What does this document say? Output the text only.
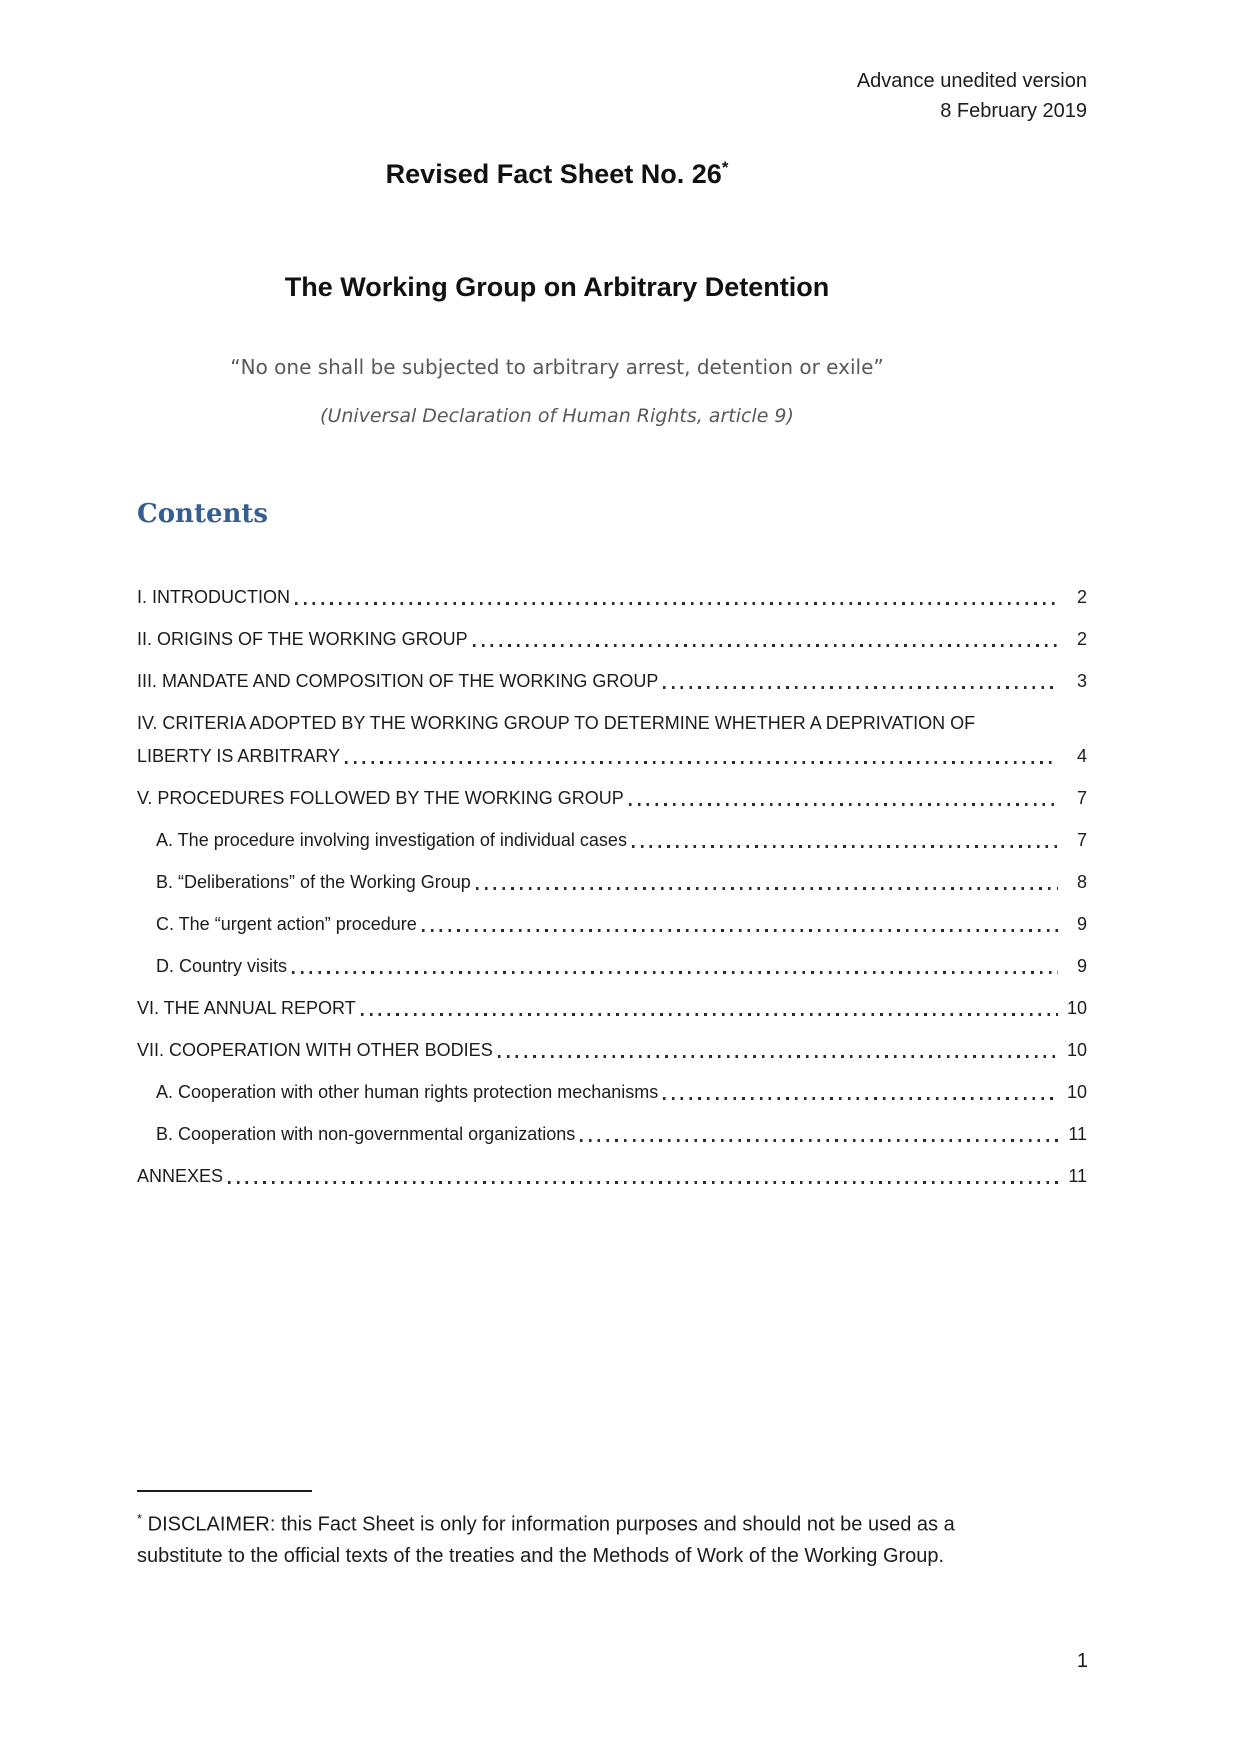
Advance unedited version
8 February 2019
Revised Fact Sheet No. 26*
The Working Group on Arbitrary Detention
“No one shall be subjected to arbitrary arrest, detention or exile”
(Universal Declaration of Human Rights, article 9)
Contents
I. INTRODUCTION	2
II. ORIGINS OF THE WORKING GROUP	2
III. MANDATE AND COMPOSITION OF THE WORKING GROUP	3
IV. CRITERIA ADOPTED BY THE WORKING GROUP TO DETERMINE WHETHER A DEPRIVATION OF
LIBERTY IS ARBITRARY	4
V. PROCEDURES FOLLOWED BY THE WORKING GROUP	7
A. The procedure involving investigation of individual cases	7
B. “Deliberations” of the Working Group	8
C. The “urgent action” procedure	9
D. Country visits	9
VI. THE ANNUAL REPORT	10
VII. COOPERATION WITH OTHER BODIES	10
A. Cooperation with other human rights protection mechanisms	10
B. Cooperation with non-governmental organizations	11
ANNEXES	11
* DISCLAIMER: this Fact Sheet is only for information purposes and should not be used as a substitute to the official texts of the treaties and the Methods of Work of the Working Group.
1
